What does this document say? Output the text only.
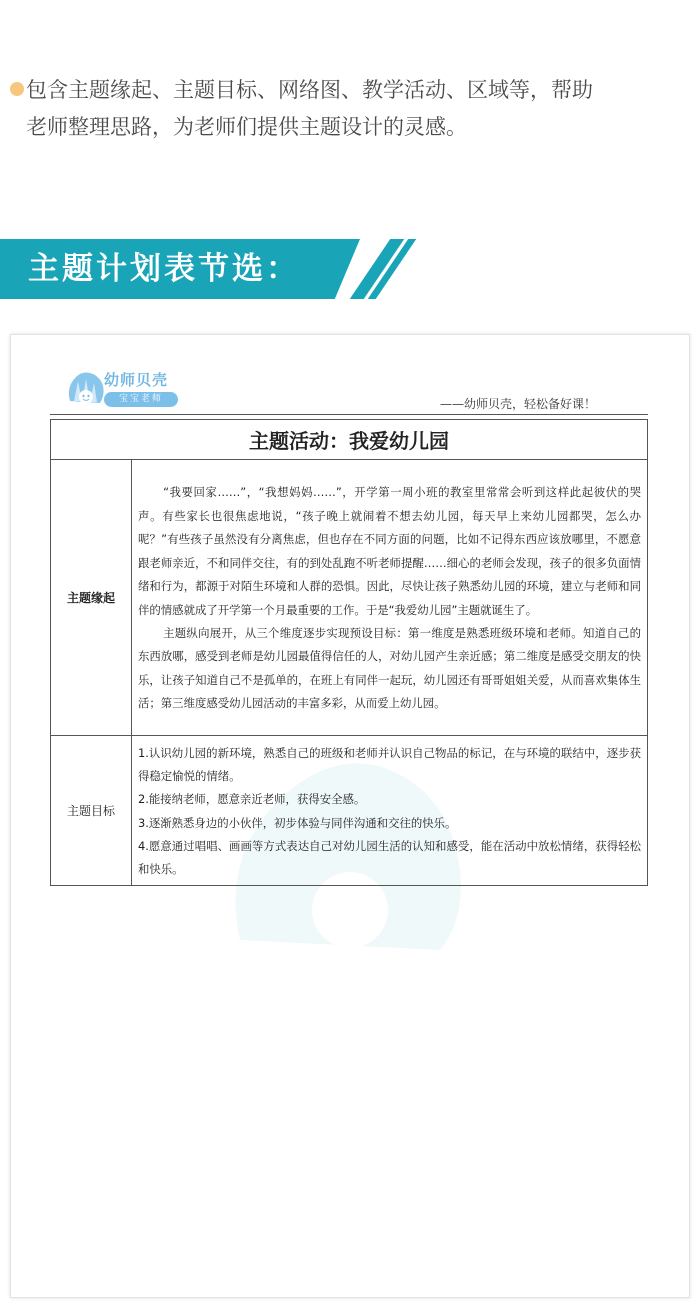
包含主题缘起、主题目标、网络图、教学活动、区域等，帮助
老师整理思路，为老师们提供主题设计的灵感。
主题计划表节选：
幼师贝壳
宝宝老师	——幼师贝壳，轻松备好课！
主题活动：我爱幼儿园	
主题缘起	“我要回家……”，“我想妈妈……”，开学第一周小班的教室里常常会听到这样此起彼伏的哭声。有些家长也很焦虑地说，“孩子晚上就闹着不想去幼儿园，每天早上来幼儿园都哭，怎么办呢？”有些孩子虽然没有分离焦虑，但也存在不同方面的问题，比如不记得东西应该放哪里，不愿意跟老师亲近，不和同伴交往，有的到处乱跑不听老师提醒……细心的老师会发现，孩子的很多负面情绪和行为，都源于对陌生环境和人群的恐惧。因此，尽快让孩子熟悉幼儿园的环境，建立与老师和同伴的情感就成了开学第一个月最重要的工作。于是“我爱幼儿园”主题就诞生了。

主题纵向展开，从三个维度逐步实现预设目标：第一维度是熟悉班级环境和老师。知道自己的东西放哪，感受到老师是幼儿园最值得信任的人，对幼儿园产生亲近感；第二维度是感受交朋友的快乐，让孩子知道自己不是孤单的，在班上有同伴一起玩，幼儿园还有哥哥姐姐关爱，从而喜欢集体生活；第三维度感受幼儿园活动的丰富多彩，从而爱上幼儿园。

主题目标	1.认识幼儿园的新环境，熟悉自己的班级和老师并认识自己物品的标记，在与环境的联结中，逐步获得稳定愉悦的情绪。

2.能接纳老师，愿意亲近老师，获得安全感。

3.逐渐熟悉身边的小伙伴，初步体验与同伴沟通和交往的快乐。

4.愿意通过唱唱、画画等方式表达自己对幼儿园生活的认知和感受，能在活动中放松情绪，获得轻松和快乐。
